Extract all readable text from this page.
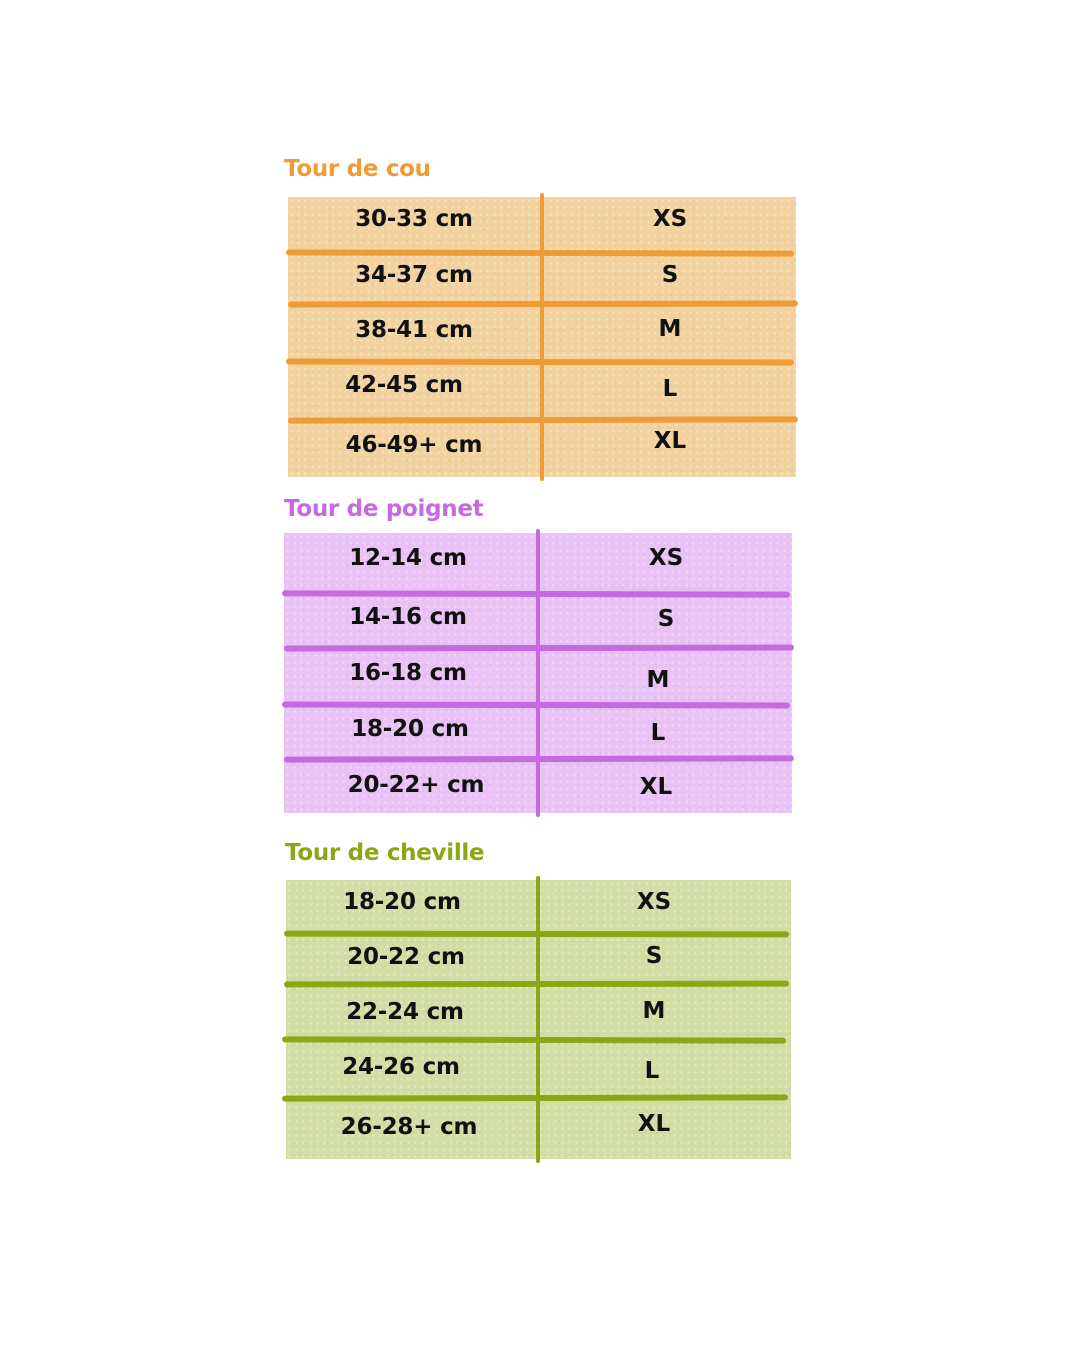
Tour de cou
30-33 cm	XS
34-37 cm	S
38-41 cm	M
42-45 cm	L
46-49+ cm	XL
Tour de poignet
12-14 cm	XS
14-16 cm	S
16-18 cm	M
18-20 cm	L
20-22+ cm	XL
Tour de cheville
18-20 cm	XS
20-22 cm	S
22-24 cm	M
24-26 cm	L
26-28+ cm	XL
